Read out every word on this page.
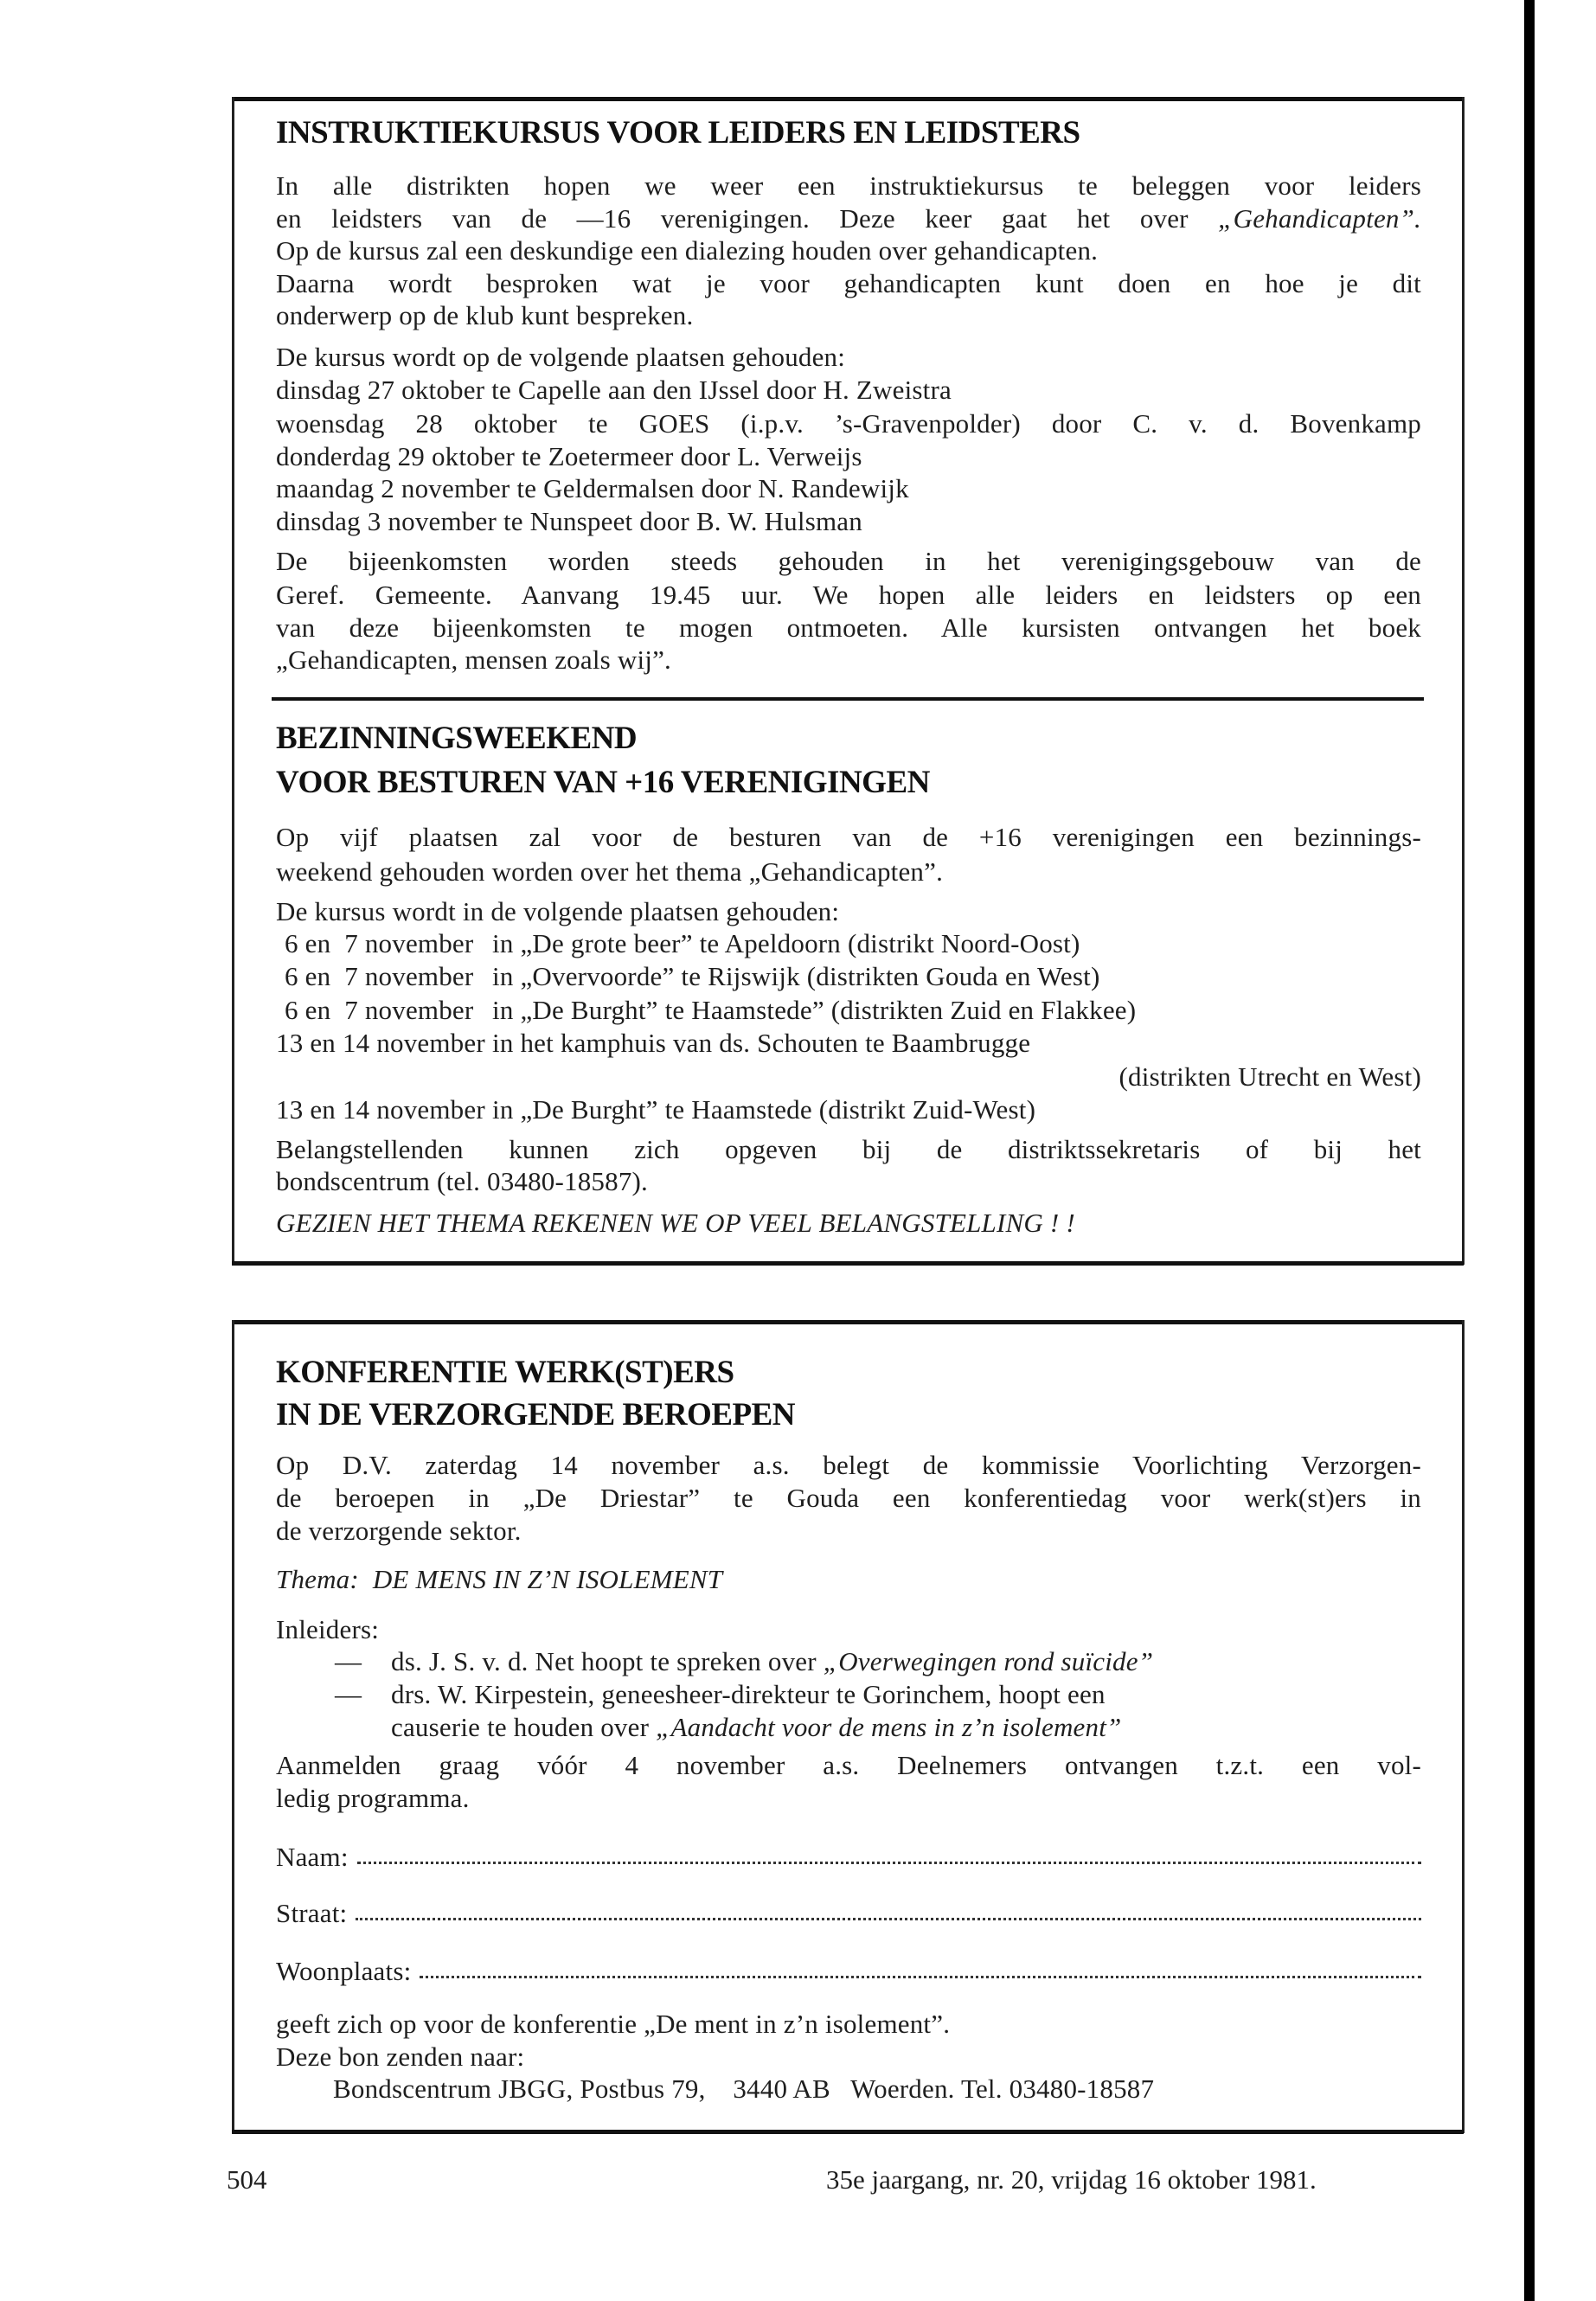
INSTRUKTIEKURSUS VOOR LEIDERS EN LEIDSTERS
In alle distrikten hopen we weer een instruktiekursus te beleggen voor leiders
en leidsters van de —16 verenigingen. Deze keer gaat het over „Gehandicapten”.
Op de kursus zal een deskundige een dialezing houden over gehandicapten.
Daarna wordt besproken wat je voor gehandicapten kunt doen en hoe je dit
onderwerp op de klub kunt bespreken.
De kursus wordt op de volgende plaatsen gehouden:
dinsdag 27 oktober te Capelle aan den IJssel door H. Zweistra
woensdag 28 oktober te GOES (i.p.v. ’s-Gravenpolder) door C. v. d. Bovenkamp
donderdag 29 oktober te Zoetermeer door L. Verweijs
maandag 2 november te Geldermalsen door N. Randewijk
dinsdag 3 november te Nunspeet door B. W. Hulsman
De bijeenkomsten worden steeds gehouden in het verenigingsgebouw van de
Geref. Gemeente. Aanvang 19.45 uur. We hopen alle leiders en leidsters op een
van deze bijeenkomsten te mogen ontmoeten. Alle kursisten ontvangen het boek
„Gehandicapten, mensen zoals wij”.
BEZINNINGSWEEKEND
VOOR BESTUREN VAN +16 VERENIGINGEN
Op vijf plaatsen zal voor de besturen van de +16 verenigingen een bezinnings-
weekend gehouden worden over het thema „Gehandicapten”.
De kursus wordt in de volgende plaatsen gehouden:
6 en  7 november in „De grote beer” te Apeldoorn (distrikt Noord-Oost)
6 en  7 november in „Overvoorde” te Rijswijk (distrikten Gouda en West)
6 en  7 november in „De Burght” te Haamstede” (distrikten Zuid en Flakkee)
13 en 14 november in het kamphuis van ds. Schouten te Baambrugge
(distrikten Utrecht en West)
13 en 14 november in „De Burght” te Haamstede (distrikt Zuid-West)
Belangstellenden kunnen zich opgeven bij de distriktssekretaris of bij het
bondscentrum (tel. 03480-18587).
GEZIEN HET THEMA REKENEN WE OP VEEL BELANGSTELLING ! !
KONFERENTIE WERK(ST)ERS
IN DE VERZORGENDE BEROEPEN
Op D.V. zaterdag 14 november a.s. belegt de kommissie Voorlichting Verzorgen-
de beroepen in „De Driestar” te Gouda een konferentiedag voor werk(st)ers in
de verzorgende sektor.
Thema: DE MENS IN Z’N ISOLEMENT
Inleiders:
— ds. J. S. v. d. Net hoopt te spreken over „Overwegingen rond suïcide”
— drs. W. Kirpestein, geneesheer-direkteur te Gorinchem, hoopt een
causerie te houden over „Aandacht voor de mens in z’n isolement”
Aanmelden graag vóór 4 november a.s. Deelnemers ontvangen t.z.t. een vol-
ledig programma.
Naam:
Straat:
Woonplaats:
geeft zich op voor de konferentie „De ment in z’n isolement”.
Deze bon zenden naar:
Bondscentrum JBGG, Postbus 79,    3440 AB   Woerden. Tel. 03480-18587
504	35e jaargang, nr. 20, vrijdag 16 oktober 1981.
